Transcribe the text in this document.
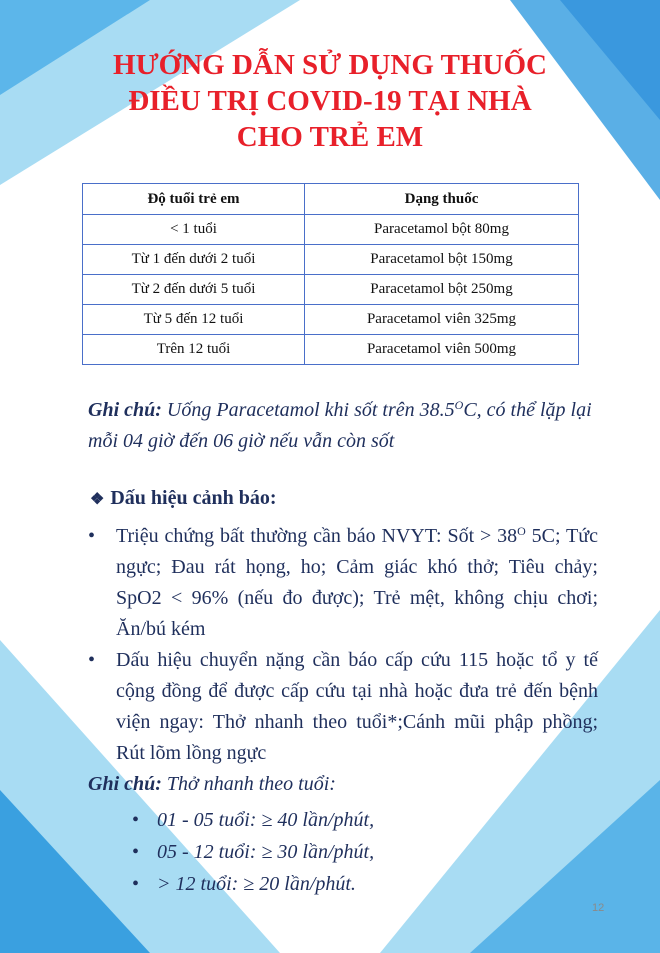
HƯỚNG DẪN SỬ DỤNG THUỐC
ĐIỀU TRỊ COVID-19 TẠI NHÀ
CHO TRẺ EM
Độ tuổi trẻ em	Dạng thuốc
< 1 tuổi	Paracetamol bột 80mg
Từ 1 đến dưới 2 tuổi	Paracetamol bột 150mg
Từ 2 đến dưới 5 tuổi	Paracetamol bột 250mg
Từ 5 đến 12 tuổi	Paracetamol viên 325mg
Trên 12 tuổi	Paracetamol viên 500mg
Ghi chú: Uống Paracetamol khi sốt trên $38.5^OC$, có thể lặp lại mỗi 04 giờ đến 06 giờ nếu vẫn còn sốt
❖ Dấu hiệu cảnh báo:
• Triệu chứng bất thường cần báo NVYT: Sốt > $38^O$ 5C; Tức ngực; Đau rát họng, ho; Cảm giác khó thở; Tiêu chảy; SpO2 < 96% (nếu đo được); Trẻ mệt, không chịu chơi; Ăn/bú kém
• Dấu hiệu chuyển nặng cần báo cấp cứu 115 hoặc tổ y tế cộng đồng để được cấp cứu tại nhà hoặc đưa trẻ đến bệnh viện ngay: Thở nhanh theo tuổi*;Cánh mũi phập phồng; Rút lõm lồng ngực
Ghi chú: Thở nhanh theo tuổi:
• 01 - 05 tuổi: ≥ 40 lần/phút,
• 05 - 12 tuổi: ≥ 30 lần/phút,
• > 12 tuổi: ≥ 20 lần/phút.
12
